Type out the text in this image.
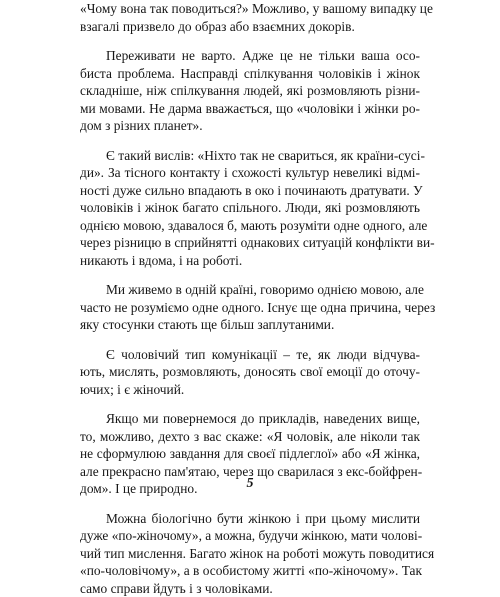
«Чому вона так поводиться?» Можливо, у вашому випадку це
взагалі призвело до образ або взаємних докорів.
Переживати не варто. Адже це не тільки ваша осо-
биста проблема. Насправді спілкування чоловіків і жінок
складніше, ніж спілкування людей, які розмовляють різни-
ми мовами. Не дарма вважається, що «чоловіки і жінки ро-
дом з різних планет».
Є такий вислів: «Ніхто так не свариться, як країни-сусі-
ди». За тісного контакту і схожості культур невеликі відмі-
ності дуже сильно впадають в око і починають дратувати. У
чоловіків і жінок багато спільного. Люди, які розмовляють
однією мовою, здавалося б, мають розуміти одне одного, але
через різницю в сприйнятті однакових ситуацій конфлікти ви-
никають і вдома, і на роботі.
Ми живемо в одній країні, говоримо однією мовою, але
часто не розуміємо одне одного. Існує ще одна причина, через
яку стосунки стають ще більш заплутаними.
Є чоловічий тип комунікації – те, як люди відчува-
ють, мислять, розмовляють, доносять свої емоції до оточу-
ючих; і є жіночий.
Якщо ми повернемося до прикладів, наведених вище,
то, можливо, дехто з вас скаже: «Я чоловік, але ніколи так
не сформулюю завдання для своєї підлеглої» або «Я жінка,
але прекрасно пам'ятаю, через що сварилася з екс-бойфрен-
дом». І це природно.
Можна біологічно бути жінкою і при цьому мислити
дуже «по-жіночому», а можна, будучи жінкою, мати чолові-
чий тип мислення. Багато жінок на роботі можуть поводитися
«по-чоловічому», а в особистому житті «по-жіночому». Так
само справи йдуть і з чоловіками.
5
